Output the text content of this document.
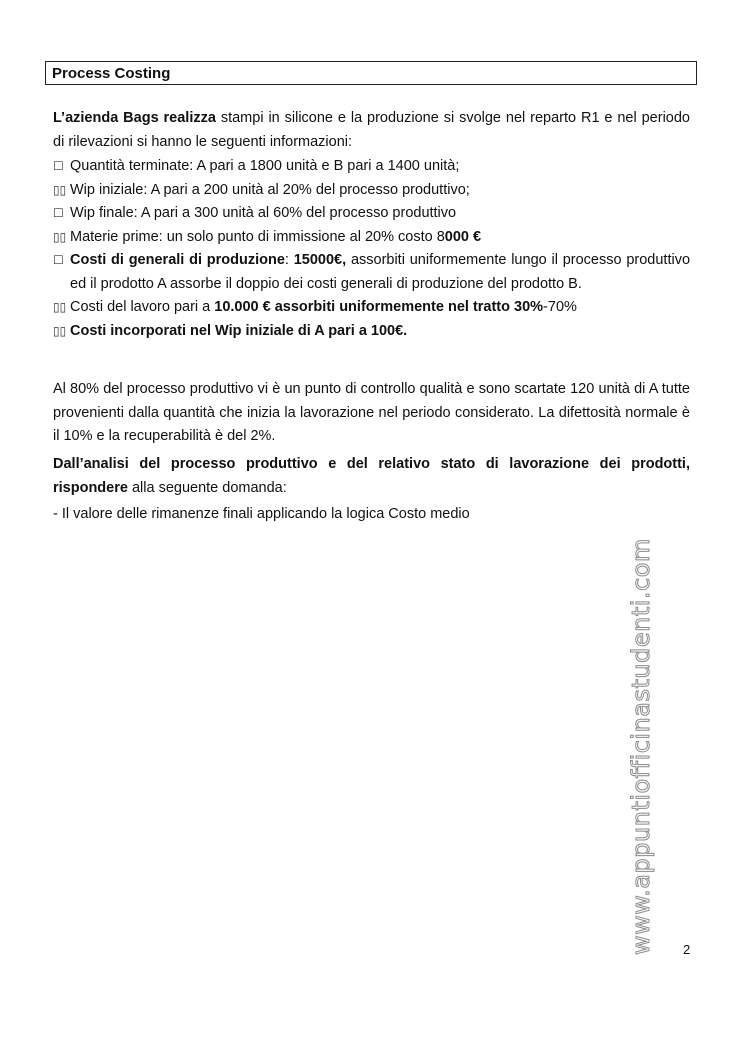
Process Costing
L’azienda Bags realizza stampi in silicone e la produzione si svolge nel reparto R1 e nel periodo di rilevazioni si hanno le seguenti informazioni:
☐ Quantità terminate: A pari a 1800 unità e B pari a 1400 unità;
▯▯ Wip iniziale: A pari a 200 unità al 20% del processo produttivo;
☐ Wip finale: A pari a 300 unità al 60% del processo produttivo
▯▯ Materie prime: un solo punto di immissione al 20% costo 8000 €
☐ Costi di generali di produzione: 15000€, assorbiti uniformemente lungo il processo produttivo ed il prodotto A assorbe il doppio dei costi generali di produzione del prodotto B.
▯▯ Costi del lavoro pari a 10.000 € assorbiti uniformemente nel tratto 30%-70%
▯▯ Costi incorporati nel Wip iniziale di A pari a 100€.
Al 80% del processo produttivo vi è un punto di controllo qualità e sono scartate 120 unità di A tutte provenienti dalla quantità che inizia la lavorazione nel periodo considerato. La difettosità normale è il 10% e la recuperabilità è del 2%.
Dall’analisi del processo produttivo e del relativo stato di lavorazione dei prodotti, rispondere alla seguente domanda:
- Il valore delle rimanenze finali applicando la logica Costo medio
www.appuntiofficinastudenti.com 2
